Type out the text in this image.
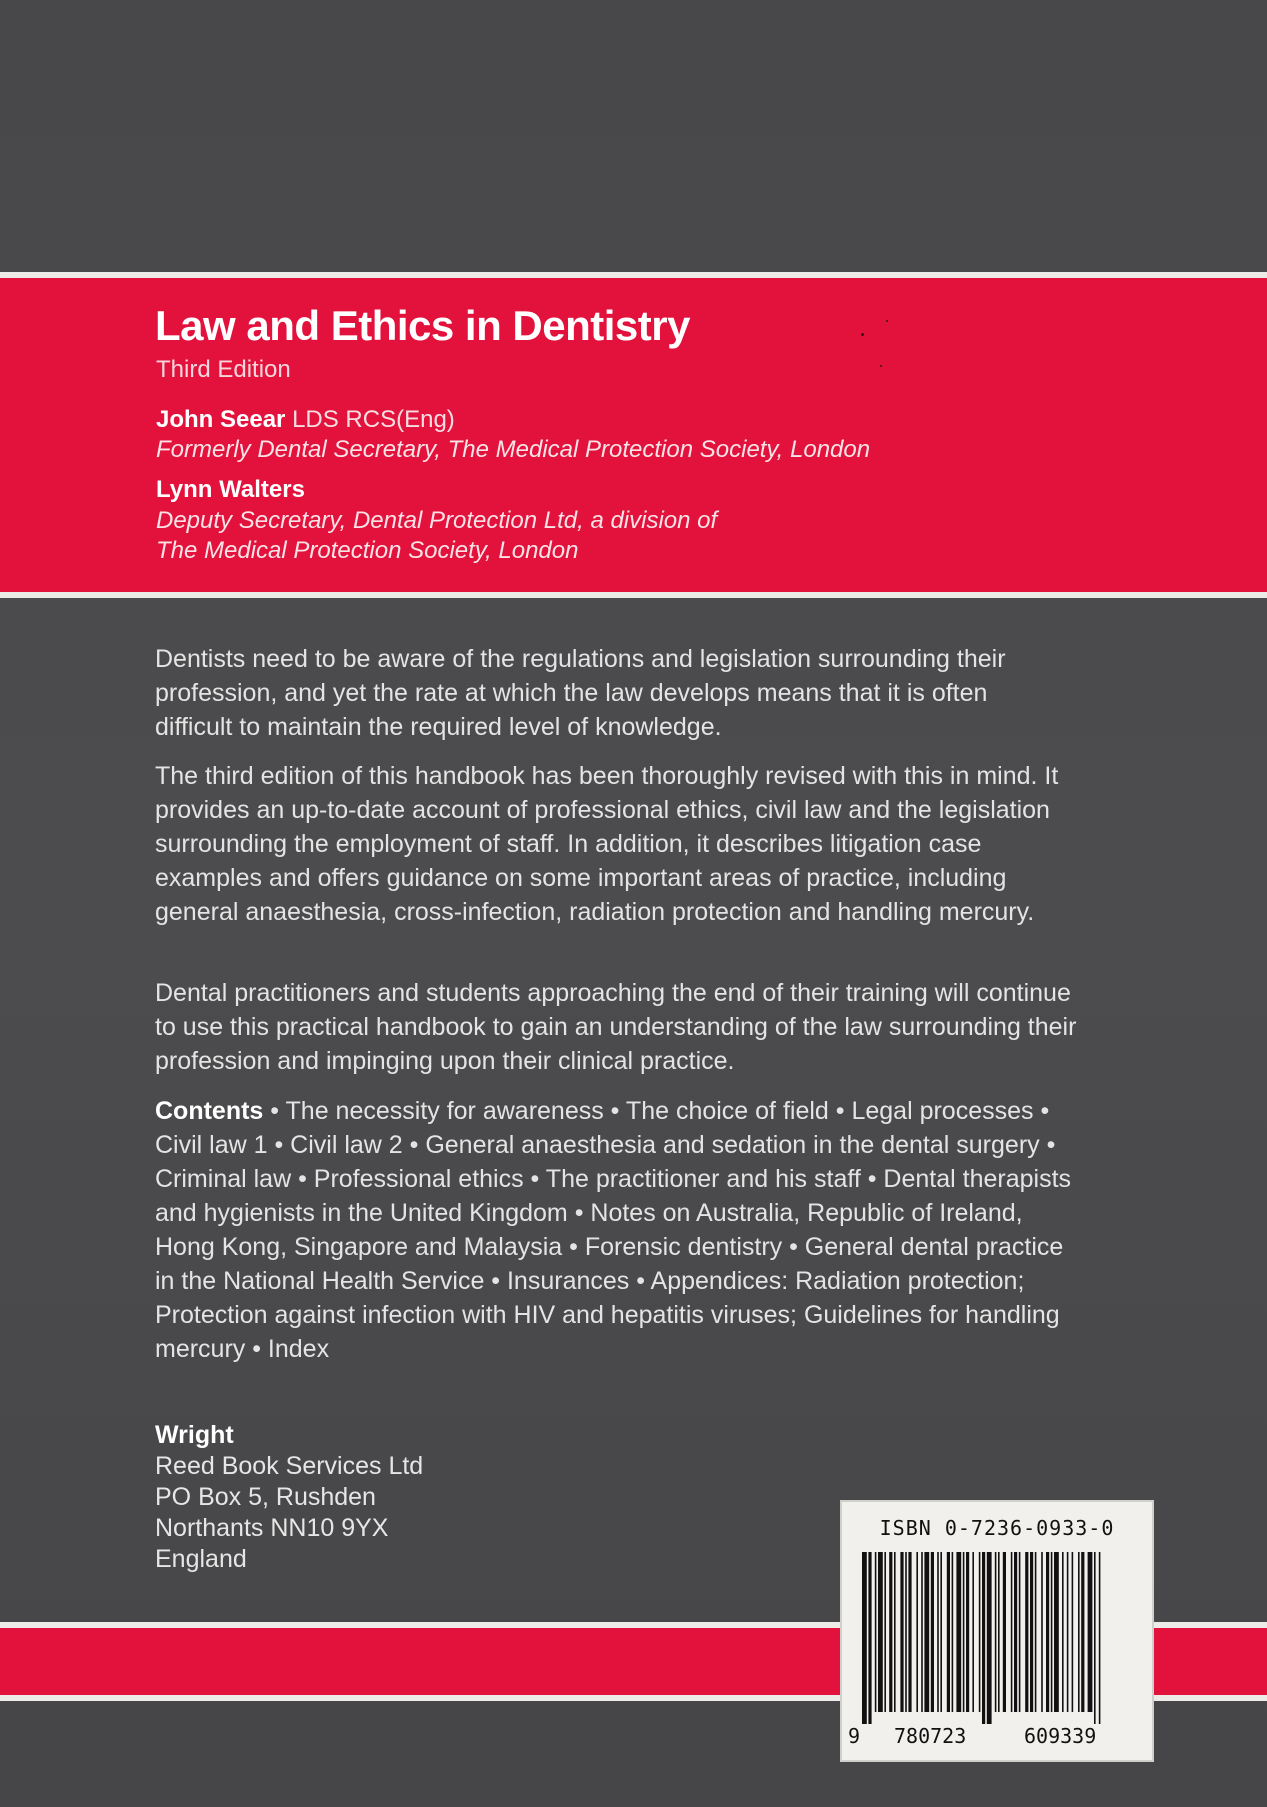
Law and Ethics in Dentistry
Third Edition
John Seear LDS RCS(Eng)
Formerly Dental Secretary, The Medical Protection Society, London
Lynn Walters
Deputy Secretary, Dental Protection Ltd, a division of
The Medical Protection Society, London

Dentists need to be aware of the regulations and legislation surrounding their profession, and yet the rate at which the law develops means that it is often difficult to maintain the required level of knowledge.

The third edition of this handbook has been thoroughly revised with this in mind. It provides an up-to-date account of professional ethics, civil law and the legislation surrounding the employment of staff. In addition, it describes litigation case examples and offers guidance on some important areas of practice, including general anaesthesia, cross-infection, radiation protection and handling mercury.

Dental practitioners and students approaching the end of their training will continue to use this practical handbook to gain an understanding of the law surrounding their profession and impinging upon their clinical practice.

Contents • The necessity for awareness • The choice of field • Legal processes • Civil law 1 • Civil law 2 • General anaesthesia and sedation in the dental surgery • Criminal law • Professional ethics • The practitioner and his staff • Dental therapists and hygienists in the United Kingdom • Notes on Australia, Republic of Ireland, Hong Kong, Singapore and Malaysia • Forensic dentistry • General dental practice in the National Health Service • Insurances • Appendices: Radiation protection; Protection against infection with HIV and hepatitis viruses; Guidelines for handling mercury • Index

Wright
Reed Book Services Ltd
PO Box 5, Rushden
Northants NN10 9YX
England
ISBN 0-7236-0933-0
9 780723	609339
